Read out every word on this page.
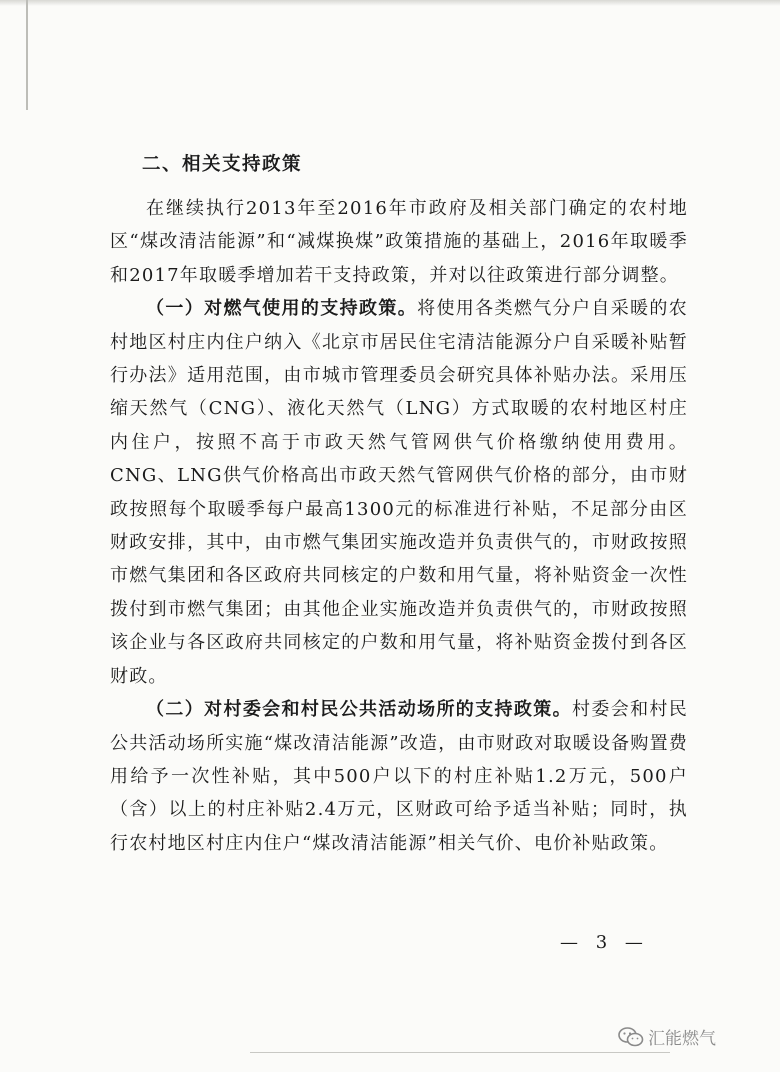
二、相关支持政策

在继续执行2013年至2016年市政府及相关部门确定的农村地区“煤改清洁能源”和“减煤换煤”政策措施的基础上，2016年取暖季和2017年取暖季增加若干支持政策，并对以往政策进行部分调整。

（一）对燃气使用的支持政策。将使用各类燃气分户自采暖的农村地区村庄内住户纳入《北京市居民住宅清洁能源分户自采暖补贴暂行办法》适用范围，由市城市管理委员会研究具体补贴办法。采用压缩天然气（CNG）、液化天然气（LNG）方式取暖的农村地区村庄内住户，按照不高于市政天然气管网供气价格缴纳使用费用。CNG、LNG供气价格高出市政天然气管网供气价格的部分，由市财政按照每个取暖季每户最高1300元的标准进行补贴，不足部分由区财政安排，其中，由市燃气集团实施改造并负责供气的，市财政按照市燃气集团和各区政府共同核定的户数和用气量，将补贴资金一次性拨付到市燃气集团；由其他企业实施改造并负责供气的，市财政按照该企业与各区政府共同核定的户数和用气量，将补贴资金拨付到各区财政。

（二）对村委会和村民公共活动场所的支持政策。村委会和村民公共活动场所实施“煤改清洁能源”改造，由市财政对取暖设备购置费用给予一次性补贴，其中500户以下的村庄补贴1.2万元，500户（含）以上的村庄补贴2.4万元，区财政可给予适当补贴；同时，执行农村地区村庄内住户“煤改清洁能源”相关气价、电价补贴政策。

— 3 —
汇能燃气
